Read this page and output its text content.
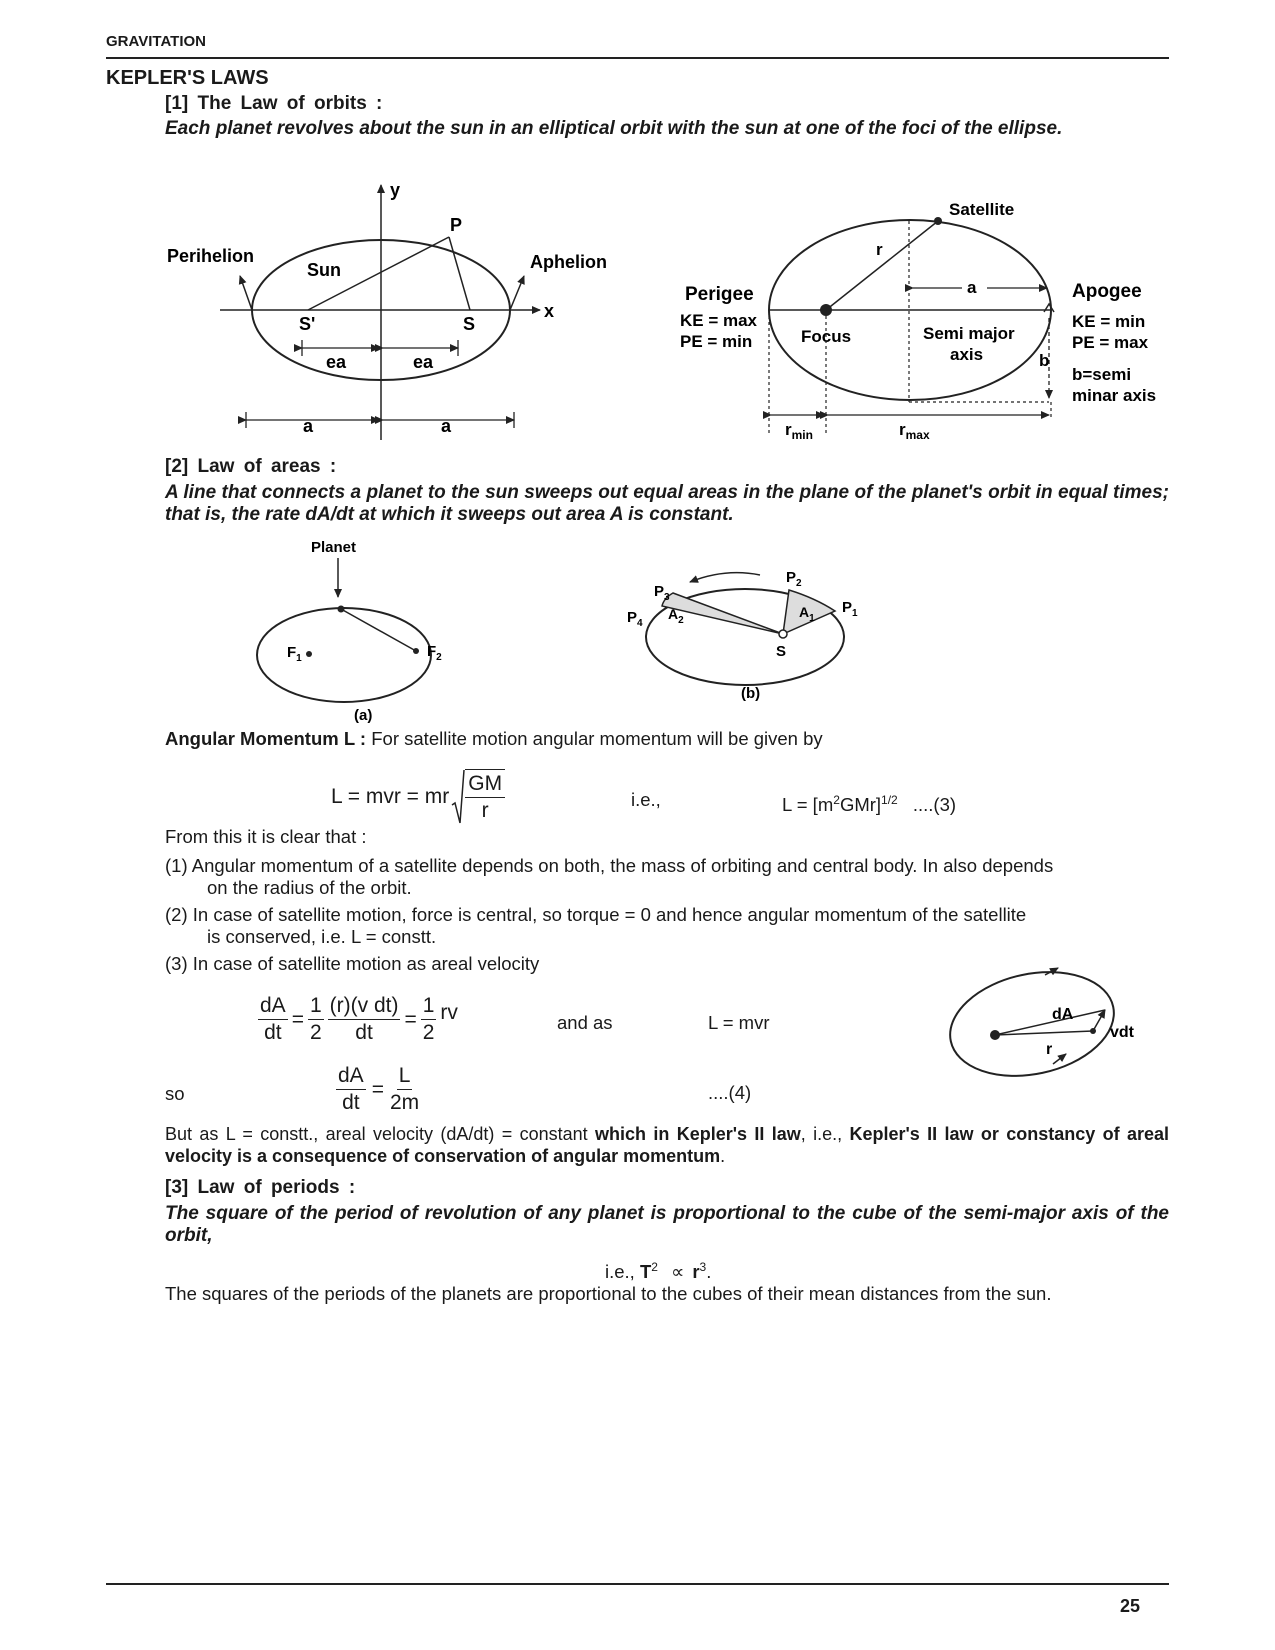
GRAVITATION
KEPLER'S LAWS
[1] The Law of orbits :
Each planet revolves about the sun in an elliptical orbit with the sun at one of the foci of the ellipse.
y
x
P
Perihelion	Aphelion
Sun
S'	S
ea	ea
a	a
Satellite
r
a
Perigee
KE = max
PE = min	Focus	Semi major
axis
Apogee
KE = min
PE = max
b
b=semi
minar axis
$r_{min}$	$r_{max}$
[2] Law of areas :
A line that connects a planet to the sun sweeps out equal areas in the plane of the planet's orbit in equal times; that is, the rate dA/dt at which it sweeps out area A is constant.
Planet
$F_1$	$F_2$
(a)
$P_2$
$P_1$
$P_3$
$P_4$
$A_1$
$A_2$
S
(b)
Angular Momentum L : For satellite motion angular momentum will be given by
L = mvr = mr
GM
r	i.e.,	$L = [m^2GMr]^{1/2}$ ....(3)
From this it is clear that :
(1) Angular momentum of a satellite depends on both, the mass of orbiting and central body. In also depends
on the radius of the orbit.
(2) In case of satellite motion, force is central, so torque = 0 and hence angular momentum of the satellite
is conserved, i.e. L = constt.
(3) In case of satellite motion as areal velocity
$\frac{dA}{dt} = \frac{1}{2} \frac{\text{(r)(v dt)}}{dt} = \frac{1}{2}$ rv	and as	L = mvr
so	$\frac{dA}{dt} = \frac{L}{2m}$	....(4)
dA
r
vdt
But as L = constt., areal velocity (dA/dt) = constant which in Kepler's II law, i.e., Kepler's II law or constancy of areal velocity is a consequence of conservation of angular momentum.
[3] Law of periods :
The square of the period of revolution of any planet is proportional to the cube of the semi-major axis of the orbit,
i.e., $T^2 \propto r^3$.
The squares of the periods of the planets are proportional to the cubes of their mean distances from the sun.
25
